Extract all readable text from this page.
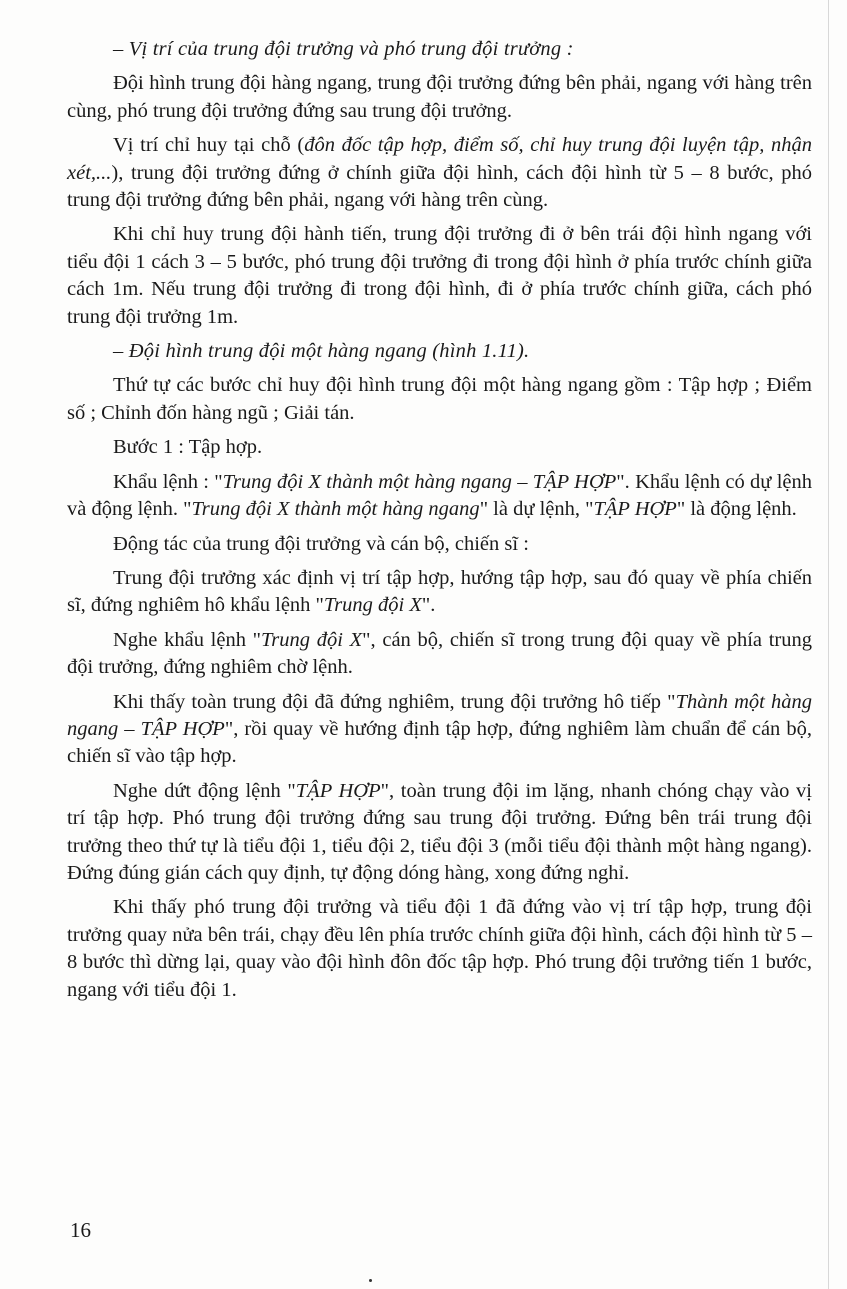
– Vị trí của trung đội trưởng và phó trung đội trưởng :

Đội hình trung đội hàng ngang, trung đội trưởng đứng bên phải, ngang với hàng trên cùng, phó trung đội trưởng đứng sau trung đội trưởng.

Vị trí chỉ huy tại chỗ (đôn đốc tập hợp, điểm số, chỉ huy trung đội luyện tập, nhận xét,...), trung đội trưởng đứng ở chính giữa đội hình, cách đội hình từ 5 – 8 bước, phó trung đội trưởng đứng bên phải, ngang với hàng trên cùng.

Khi chỉ huy trung đội hành tiến, trung đội trưởng đi ở bên trái đội hình ngang với tiểu đội 1 cách 3 – 5 bước, phó trung đội trưởng đi trong đội hình ở phía trước chính giữa cách 1m. Nếu trung đội trưởng đi trong đội hình, đi ở phía trước chính giữa, cách phó trung đội trưởng 1m.

– Đội hình trung đội một hàng ngang (hình 1.11).

Thứ tự các bước chỉ huy đội hình trung đội một hàng ngang gồm : Tập hợp ; Điểm số ; Chỉnh đốn hàng ngũ ; Giải tán.

Bước 1 : Tập hợp.

Khẩu lệnh : "Trung đội X thành một hàng ngang – TẬP HỢP". Khẩu lệnh có dự lệnh và động lệnh. "Trung đội X thành một hàng ngang" là dự lệnh, "TẬP HỢP" là động lệnh.

Động tác của trung đội trưởng và cán bộ, chiến sĩ :

Trung đội trưởng xác định vị trí tập hợp, hướng tập hợp, sau đó quay về phía chiến sĩ, đứng nghiêm hô khẩu lệnh "Trung đội X".

Nghe khẩu lệnh "Trung đội X", cán bộ, chiến sĩ trong trung đội quay về phía trung đội trưởng, đứng nghiêm chờ lệnh.

Khi thấy toàn trung đội đã đứng nghiêm, trung đội trưởng hô tiếp "Thành một hàng ngang – TẬP HỢP", rồi quay về hướng định tập hợp, đứng nghiêm làm chuẩn để cán bộ, chiến sĩ vào tập hợp.

Nghe dứt động lệnh "TẬP HỢP", toàn trung đội im lặng, nhanh chóng chạy vào vị trí tập hợp. Phó trung đội trưởng đứng sau trung đội trưởng. Đứng bên trái trung đội trưởng theo thứ tự là tiểu đội 1, tiểu đội 2, tiểu đội 3 (mỗi tiểu đội thành một hàng ngang). Đứng đúng gián cách quy định, tự động dóng hàng, xong đứng nghỉ.

Khi thấy phó trung đội trưởng và tiểu đội 1 đã đứng vào vị trí tập hợp, trung đội trưởng quay nửa bên trái, chạy đều lên phía trước chính giữa đội hình, cách đội hình từ 5 – 8 bước thì dừng lại, quay vào đội hình đôn đốc tập hợp. Phó trung đội trưởng tiến 1 bước, ngang với tiểu đội 1.

16
